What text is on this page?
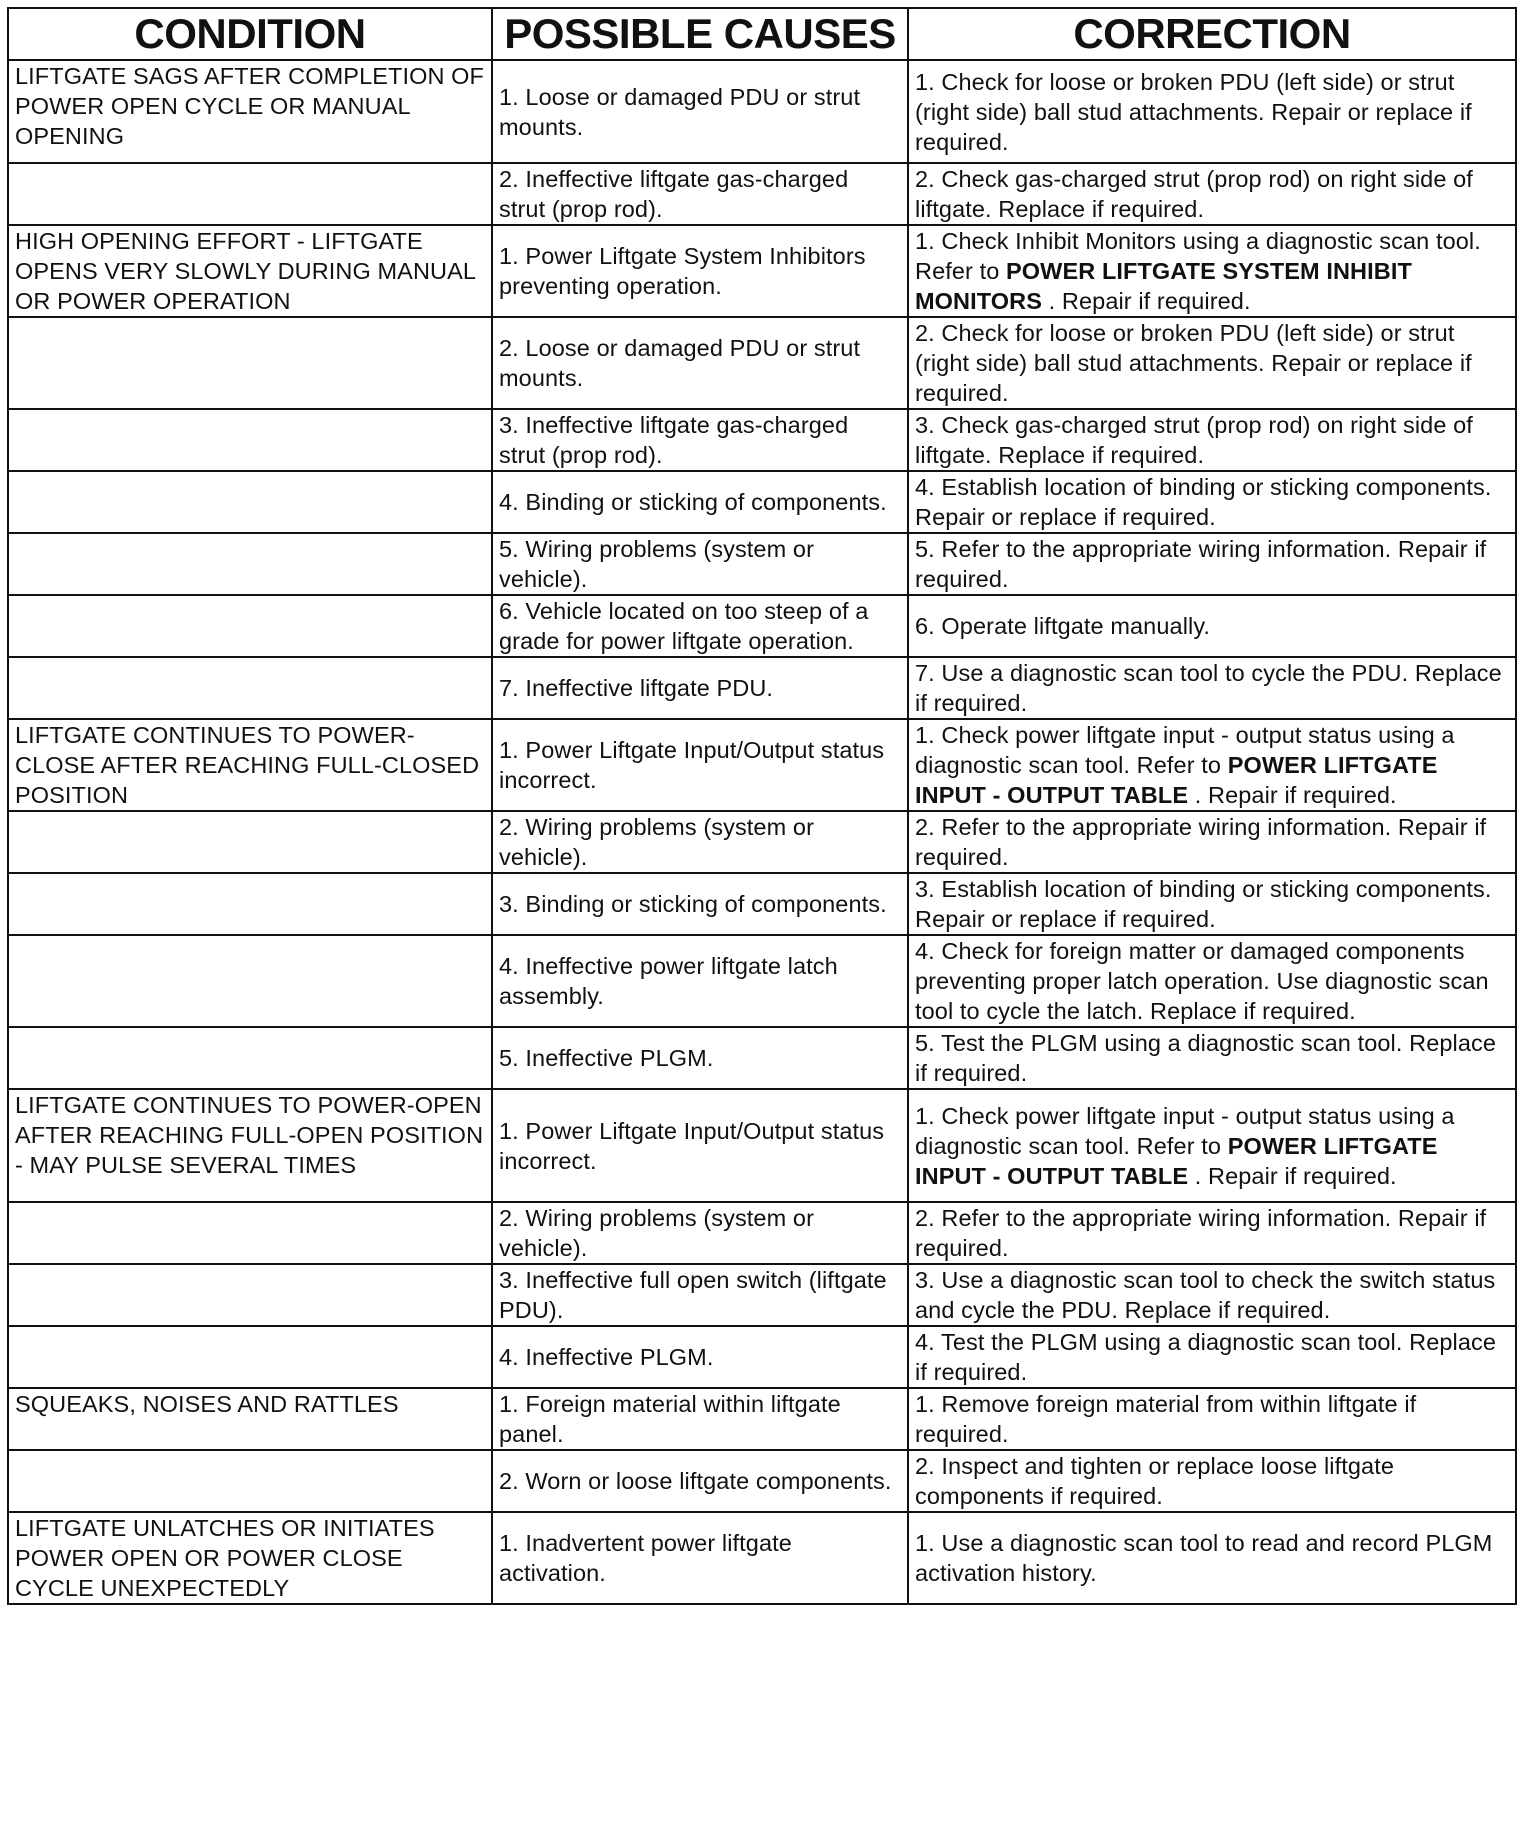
CONDITION	POSSIBLE CAUSES	CORRECTION
LIFTGATE SAGS AFTER COMPLETION OF POWER OPEN CYCLE OR MANUAL OPENING	1. Loose or damaged PDU or strut mounts.	1. Check for loose or broken PDU (left side) or strut (right side) ball stud attachments. Repair or replace if required.
	2. Ineffective liftgate gas-charged strut (prop rod).	2. Check gas-charged strut (prop rod) on right side of liftgate. Replace if required.
HIGH OPENING EFFORT - LIFTGATE OPENS VERY SLOWLY DURING MANUAL OR POWER OPERATION	1. Power Liftgate System Inhibitors preventing operation.	1. Check Inhibit Monitors using a diagnostic scan tool. Refer to POWER LIFTGATE SYSTEM INHIBIT MONITORS . Repair if required.
	2. Loose or damaged PDU or strut mounts.	2. Check for loose or broken PDU (left side) or strut (right side) ball stud attachments. Repair or replace if required.
	3. Ineffective liftgate gas-charged strut (prop rod).	3. Check gas-charged strut (prop rod) on right side of liftgate. Replace if required.
	4. Binding or sticking of components.	4. Establish location of binding or sticking components. Repair or replace if required.
	5. Wiring problems (system or vehicle).	5. Refer to the appropriate wiring information. Repair if required.
	6. Vehicle located on too steep of a grade for power liftgate operation.	6. Operate liftgate manually.
	7. Ineffective liftgate PDU.	7. Use a diagnostic scan tool to cycle the PDU. Replace if required.
LIFTGATE CONTINUES TO POWER-CLOSE AFTER REACHING FULL-CLOSED POSITION	1. Power Liftgate Input/Output status incorrect.	1. Check power liftgate input - output status using a diagnostic scan tool. Refer to POWER LIFTGATE INPUT - OUTPUT TABLE . Repair if required.
	2. Wiring problems (system or vehicle).	2. Refer to the appropriate wiring information. Repair if required.
	3. Binding or sticking of components.	3. Establish location of binding or sticking components. Repair or replace if required.
	4. Ineffective power liftgate latch assembly.	4. Check for foreign matter or damaged components preventing proper latch operation. Use diagnostic scan tool to cycle the latch. Replace if required.
	5. Ineffective PLGM.	5. Test the PLGM using a diagnostic scan tool. Replace if required.
LIFTGATE CONTINUES TO POWER-OPEN AFTER REACHING FULL-OPEN POSITION - MAY PULSE SEVERAL TIMES	1. Power Liftgate Input/Output status incorrect.	1. Check power liftgate input - output status using a diagnostic scan tool. Refer to POWER LIFTGATE INPUT - OUTPUT TABLE . Repair if required.
	2. Wiring problems (system or vehicle).	2. Refer to the appropriate wiring information. Repair if required.
	3. Ineffective full open switch (liftgate PDU).	3. Use a diagnostic scan tool to check the switch status and cycle the PDU. Replace if required.
	4. Ineffective PLGM.	4. Test the PLGM using a diagnostic scan tool. Replace if required.
SQUEAKS, NOISES AND RATTLES	1. Foreign material within liftgate panel.	1. Remove foreign material from within liftgate if required.
	2. Worn or loose liftgate components.	2. Inspect and tighten or replace loose liftgate components if required.
LIFTGATE UNLATCHES OR INITIATES POWER OPEN OR POWER CLOSE CYCLE UNEXPECTEDLY	1. Inadvertent power liftgate activation.	1. Use a diagnostic scan tool to read and record PLGM activation history.
